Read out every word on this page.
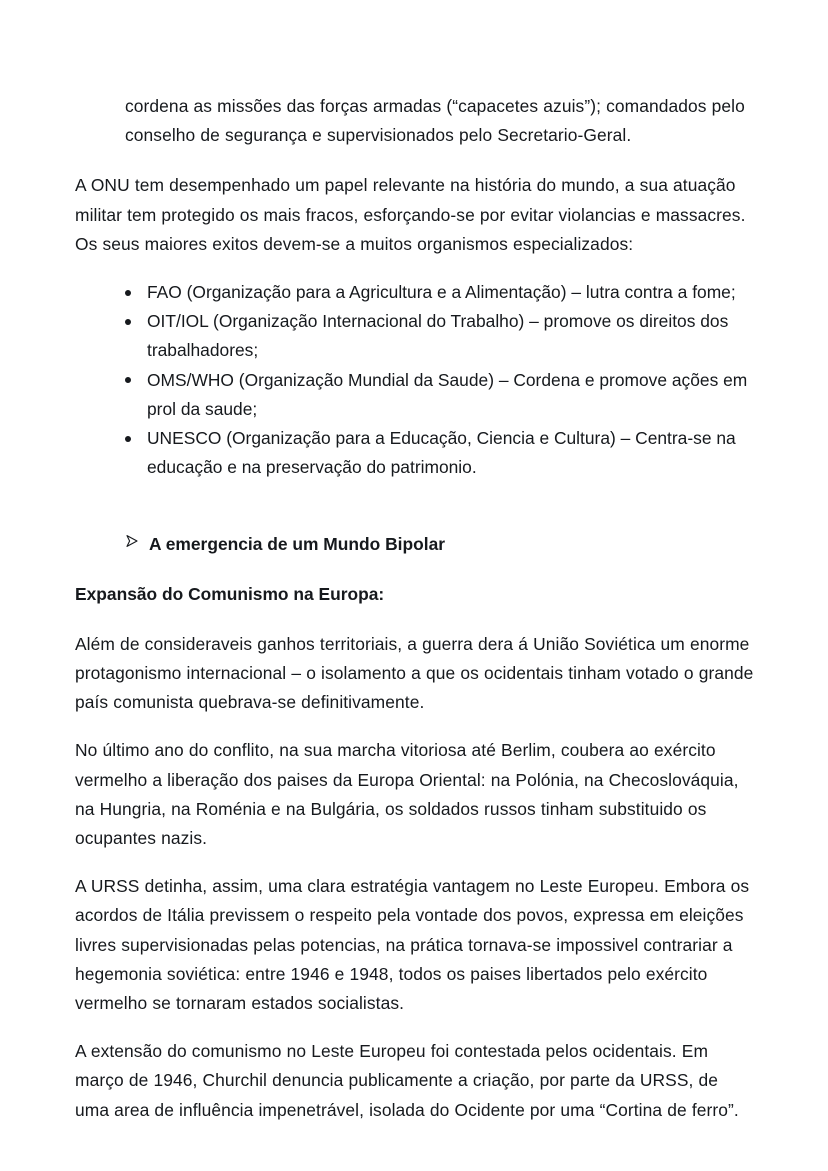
cordena as missões das forças armadas (“capacetes azuis”); comandados pelo conselho de segurança e supervisionados pelo Secretario-Geral.

A ONU tem desempenhado um papel relevante na história do mundo, a sua atuação militar tem protegido os mais fracos, esforçando-se por evitar violancias e massacres. Os seus maiores exitos devem-se a muitos organismos especializados:

FAO (Organização para a Agricultura e a Alimentação) – lutra contra a fome;
OIT/IOL (Organização Internacional do Trabalho) – promove os direitos dos trabalhadores;
OMS/WHO (Organização Mundial da Saude) – Cordena e promove ações em prol da saude;
UNESCO (Organização para a Educação, Ciencia e Cultura) – Centra-se na educação e na preservação do patrimonio.
A emergencia de um Mundo Bipolar
Expansão do Comunismo na Europa:

Além de consideraveis ganhos territoriais, a guerra dera á União Soviética um enorme protagonismo internacional – o isolamento a que os ocidentais tinham votado o grande país comunista quebrava-se definitivamente.

No último ano do conflito, na sua marcha vitoriosa até Berlim, coubera ao exército vermelho a liberação dos paises da Europa Oriental: na Polónia, na Checoslováquia, na Hungria, na Roménia e na Bulgária, os soldados russos tinham substituido os ocupantes nazis.

A URSS detinha, assim, uma clara estratégia vantagem no Leste Europeu. Embora os acordos de Itália previssem o respeito pela vontade dos povos, expressa em eleições livres supervisionadas pelas potencias, na prática tornava-se impossivel contrariar a hegemonia soviética: entre 1946 e 1948, todos os paises libertados pelo exército vermelho se tornaram estados socialistas.

A extensão do comunismo no Leste Europeu foi contestada pelos ocidentais. Em março de 1946, Churchil denuncia publicamente a criação, por parte da URSS, de uma area de influência impenetrável, isolada do Ocidente por uma “Cortina de ferro”.
